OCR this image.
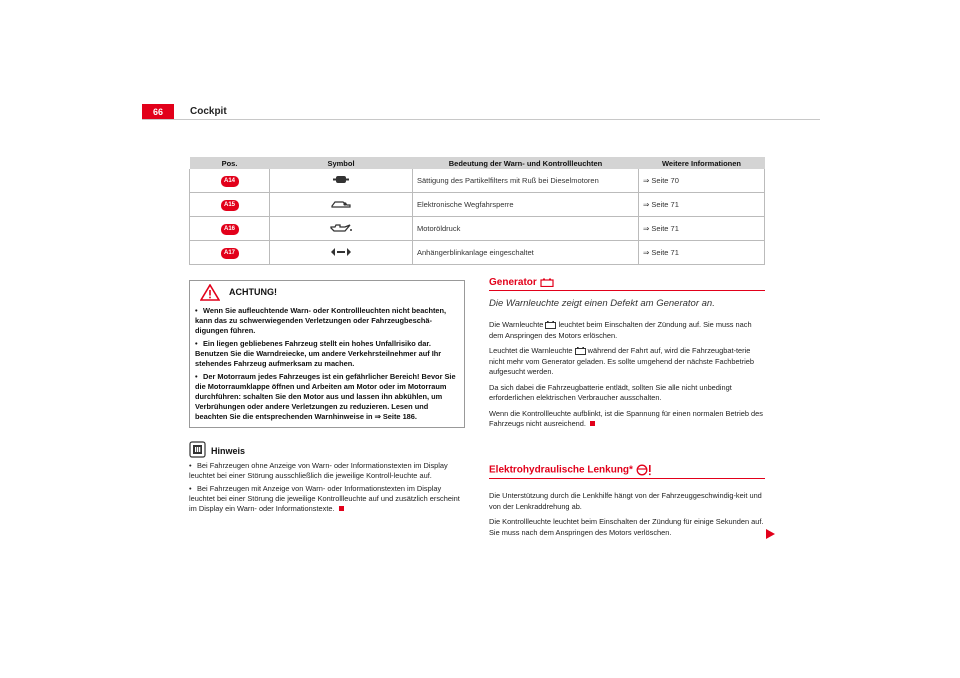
66	Cockpit
Pos.	Symbol	Bedeutung der Warn- und Kontrollleuchten	Weitere Informationen
A14		Sättigung des Partikelfilters mit Ruß bei Dieselmotoren	⇒ Seite 70
A15		Elektronische Wegfahrsperre	⇒ Seite 71
A16		Motoröldruck	⇒ Seite 71
A17		Anhängerblinkanlage eingeschaltet	⇒ Seite 71
ACHTUNG!

• Wenn Sie aufleuchtende Warn- oder Kontrollleuchten nicht beachten, kann das zu schwerwiegenden Verletzungen oder Fahrzeugbeschä-digungen führen.

• Ein liegen gebliebenes Fahrzeug stellt ein hohes Unfallrisiko dar. Benutzen Sie die Warndreiecke, um andere Verkehrsteilnehmer auf Ihr stehendes Fahrzeug aufmerksam zu machen.

• Der Motorraum jedes Fahrzeuges ist ein gefährlicher Bereich! Bevor Sie die Motorraumklappe öffnen und Arbeiten am Motor oder im Motorraum durchführen: schalten Sie den Motor aus und lassen ihn abkühlen, um Verbrühungen oder andere Verletzungen zu reduzieren. Lesen und beachten Sie die entsprechenden Warnhinweise in ⇒ Seite 186.

Hinweis

• Bei Fahrzeugen ohne Anzeige von Warn- oder Informationstexten im Display leuchtet bei einer Störung ausschließlich die jeweilige Kontroll-leuchte auf.

• Bei Fahrzeugen mit Anzeige von Warn- oder Informationstexten im Display leuchtet bei einer Störung die jeweilige Kontrollleuchte auf und zusätzlich erscheint im Display ein Warn- oder Informationstexte.

Generator
Die Warnleuchte zeigt einen Defekt am Generator an.

Die Warnleuchte leuchtet beim Einschalten der Zündung auf. Sie muss nach dem Anspringen des Motors erlöschen.

Leuchtet die Warnleuchte während der Fahrt auf, wird die Fahrzeugbat-terie nicht mehr vom Generator geladen. Es sollte umgehend der nächste Fachbetrieb aufgesucht werden.

Da sich dabei die Fahrzeugbatterie entlädt, sollten Sie alle nicht unbedingt erforderlichen elektrischen Verbraucher ausschalten.

Wenn die Kontrollleuchte aufblinkt, ist die Spannung für einen normalen Betrieb des Fahrzeugs nicht ausreichend.

Elektrohydraulische Lenkung*

Die Unterstützung durch die Lenkhilfe hängt von der Fahrzeuggeschwindig-keit und von der Lenkraddrehung ab.

Die Kontrollleuchte leuchtet beim Einschalten der Zündung für einige Sekunden auf. Sie muss nach dem Anspringen des Motors verlöschen.
